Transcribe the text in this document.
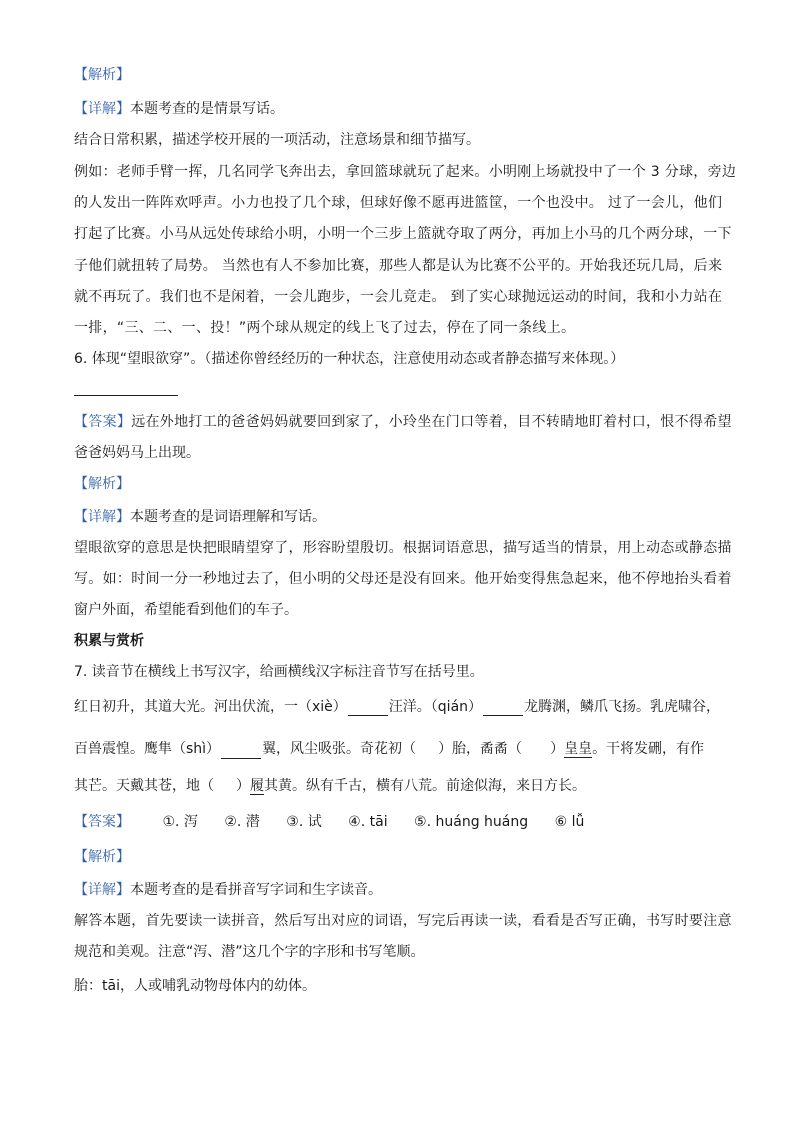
【解析】
【详解】本题考查的是情景写话。
结合日常积累，描述学校开展的一项活动，注意场景和细节描写。
例如：老师手臂一挥，几名同学飞奔出去，拿回篮球就玩了起来。小明刚上场就投中了一个 3 分球，旁边
的人发出一阵阵欢呼声。小力也投了几个球，但球好像不愿再进篮筐，一个也没中。 过了一会儿，他们
打起了比赛。小马从远处传球给小明，小明一个三步上篮就夺取了两分，再加上小马的几个两分球，一下
子他们就扭转了局势。 当然也有人不参加比赛，那些人都是认为比赛不公平的。开始我还玩几局，后来
就不再玩了。我们也不是闲着，一会儿跑步，一会儿竞走。 到了实心球抛远运动的时间，我和小力站在
一排，“三、二、一、投！”两个球从规定的线上飞了过去，停在了同一条线上。
6. 体现“望眼欲穿”。（描述你曾经经历的一种状态，注意使用动态或者静态描写来体现。）
【答案】远在外地打工的爸爸妈妈就要回到家了，小玲坐在门口等着，目不转睛地盯着村口，恨不得希望
爸爸妈妈马上出现。
【解析】
【详解】本题考查的是词语理解和写话。
望眼欲穿的意思是快把眼睛望穿了，形容盼望殷切。根据词语意思，描写适当的情景，用上动态或静态描
写。如：时间一分一秒地过去了，但小明的父母还是没有回来。他开始变得焦急起来，他不停地抬头看着
窗户外面，希望能看到他们的车子。
积累与赏析
7. 读音节在横线上书写汉字，给画横线汉字标注音节写在括号里。
红日初升，其道大光。河出伏流，一（xiè）	汪洋。（qián）	龙腾渊，鳞爪飞扬。乳虎啸谷，
百兽震惶。鹰隼（shì）	翼，风尘吸张。奇花初（ ）胎，矞矞（ ）皇皇。干将发硎，有作
其芒。天戴其苍，地（ ）履其黄。纵有千古，横有八荒。前途似海，来日方长。
【答案】 ①. 泻 ②. 潜 ③. 试 ④. tāi ⑤. huáng huáng ⑥ lǚ
【解析】
【详解】本题考查的是看拼音写字词和生字读音。
解答本题，首先要读一读拼音，然后写出对应的词语，写完后再读一读，看看是否写正确，书写时要注意
规范和美观。注意“泻、潜”这几个字的字形和书写笔顺。
胎：tāi，人或哺乳动物母体内的幼体。
